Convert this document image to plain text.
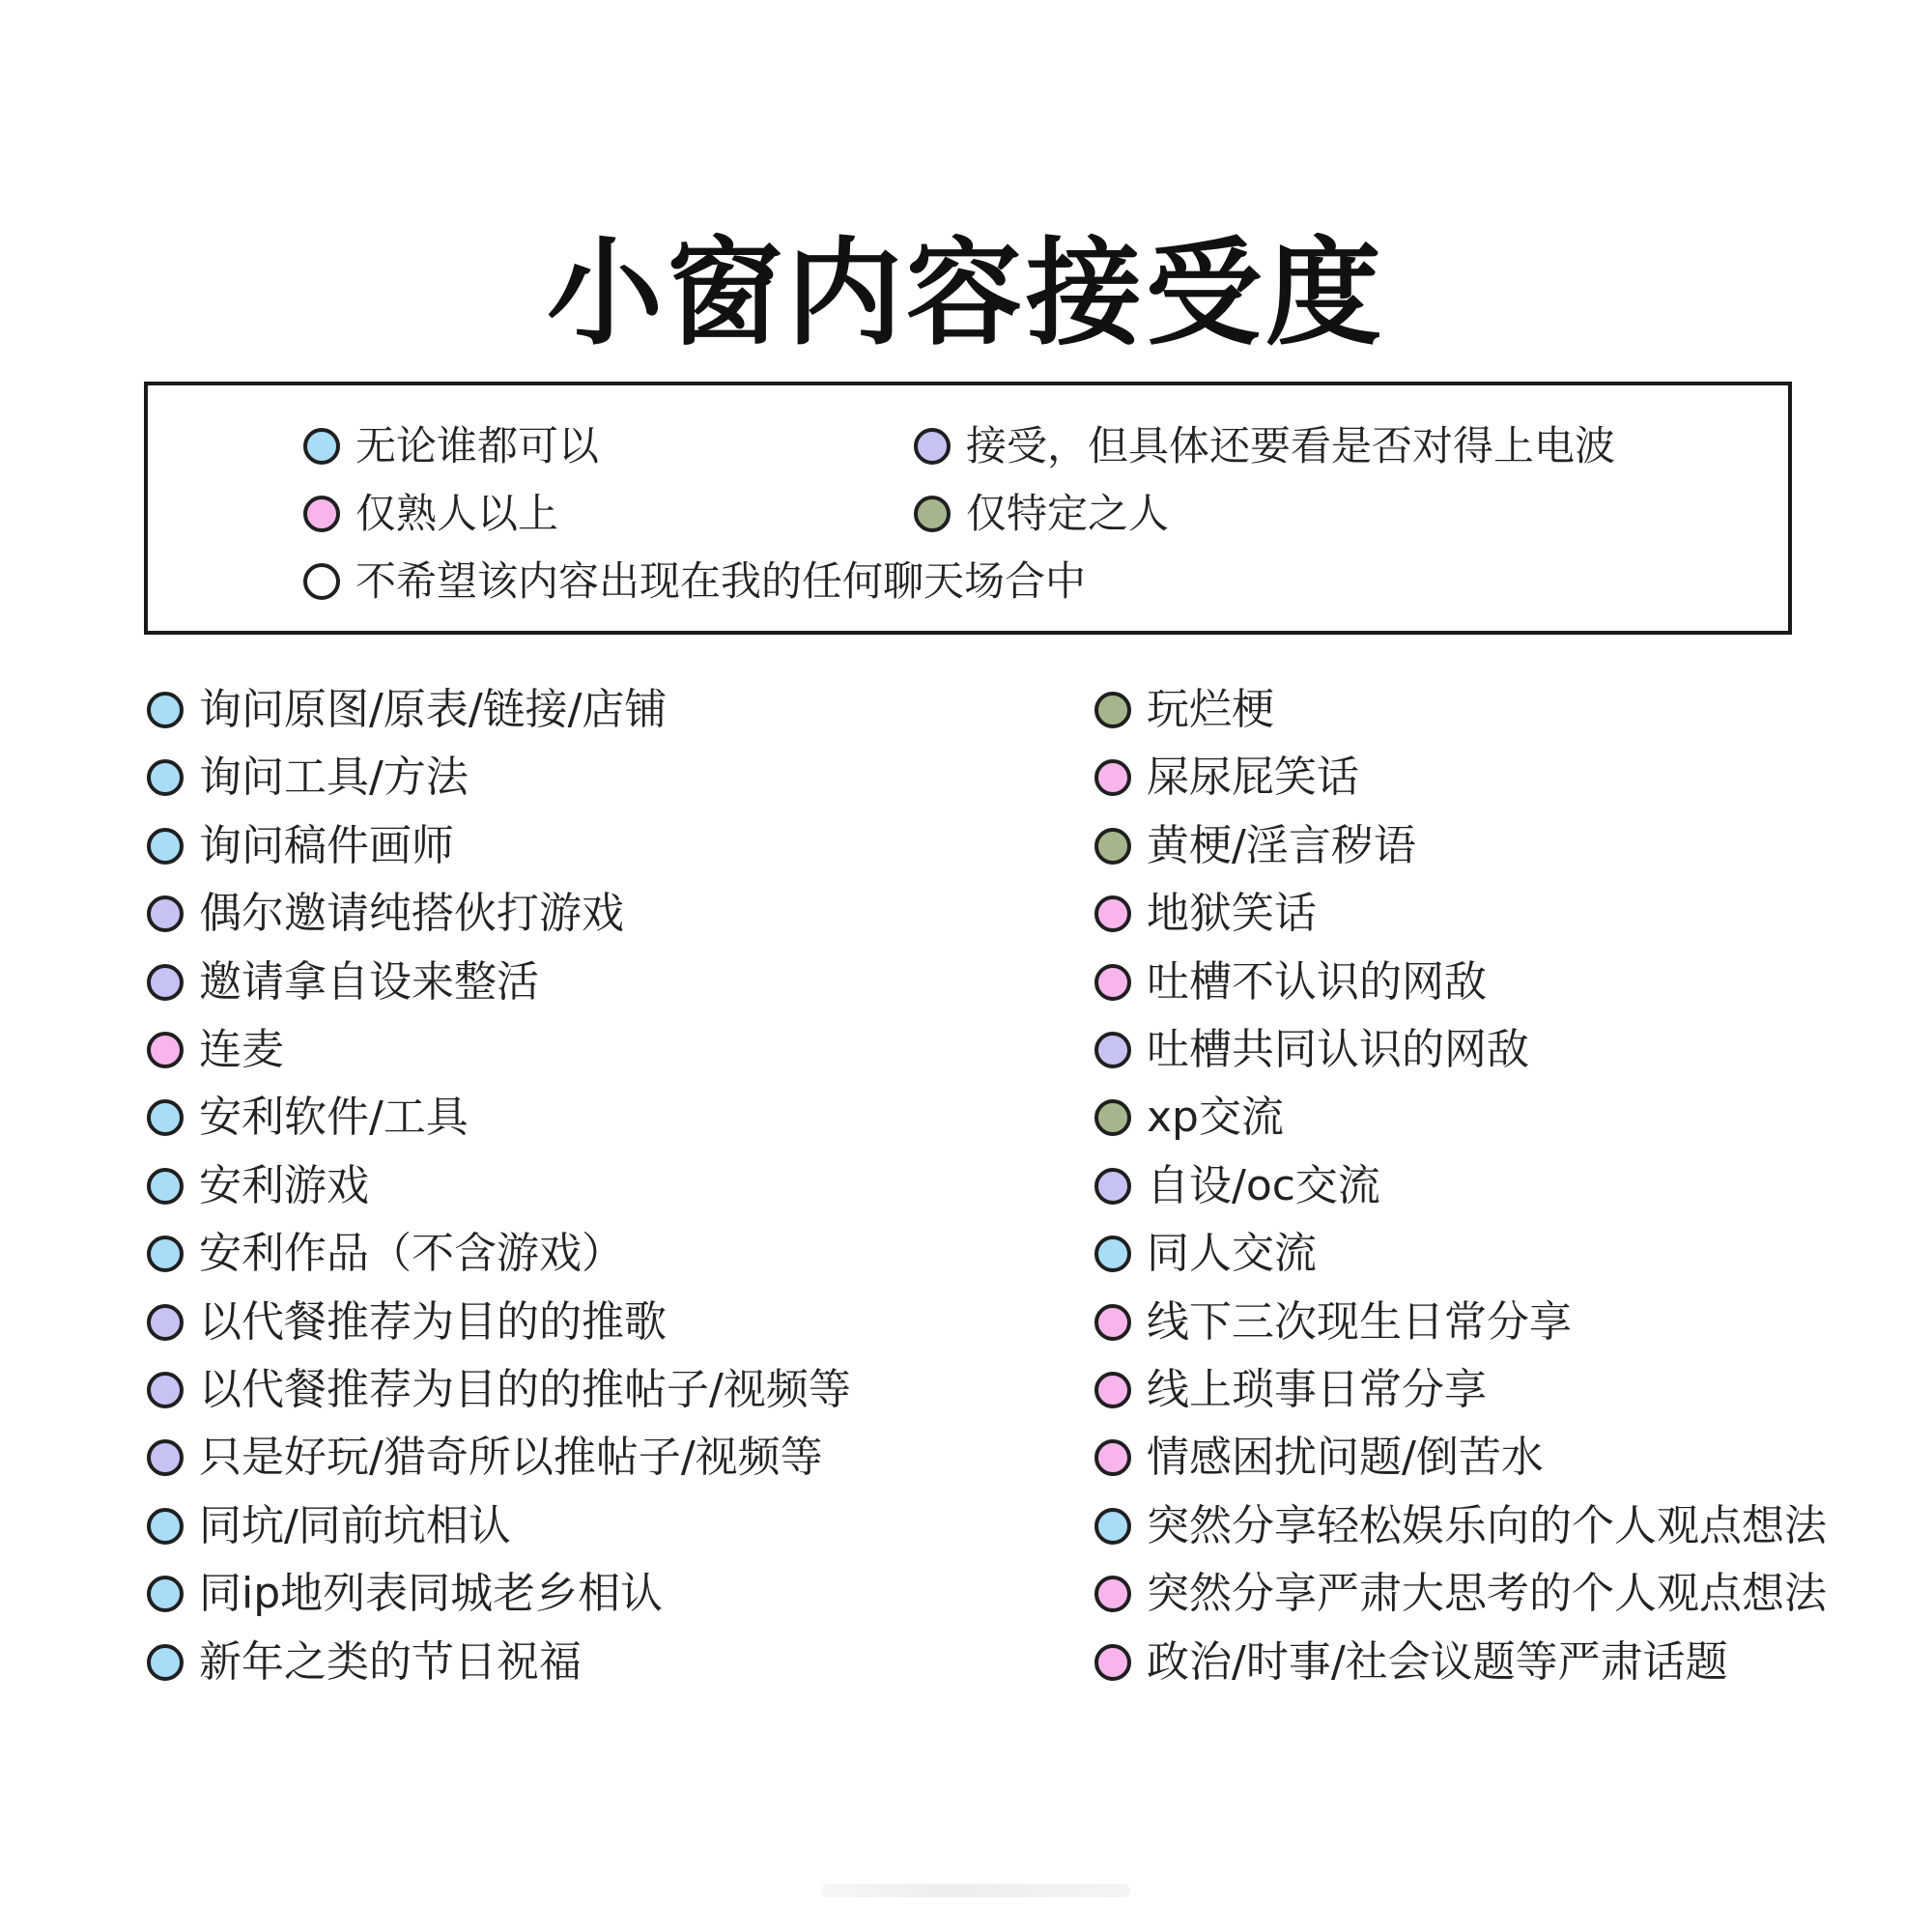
小窗内容接受度
无论谁都可以	接受，但具体还要看是否对得上电波
仅熟人以上	仅特定之人
不希望该内容出现在我的任何聊天场合中
询问原图/原表/链接/店铺
询问工具/方法
询问稿件画师
偶尔邀请纯搭伙打游戏
邀请拿自设来整活
连麦
安利软件/工具
安利游戏
安利作品（不含游戏）
以代餐推荐为目的的推歌
以代餐推荐为目的的推帖子/视频等
只是好玩/猎奇所以推帖子/视频等
同坑/同前坑相认
同ip地列表同城老乡相认
新年之类的节日祝福
玩烂梗
屎尿屁笑话
黄梗/淫言秽语
地狱笑话
吐槽不认识的网敌
吐槽共同认识的网敌
xp交流
自设/oc交流
同人交流
线下三次现生日常分享
线上琐事日常分享
情感困扰问题/倒苦水
突然分享轻松娱乐向的个人观点想法
突然分享严肃大思考的个人观点想法
政治/时事/社会议题等严肃话题
